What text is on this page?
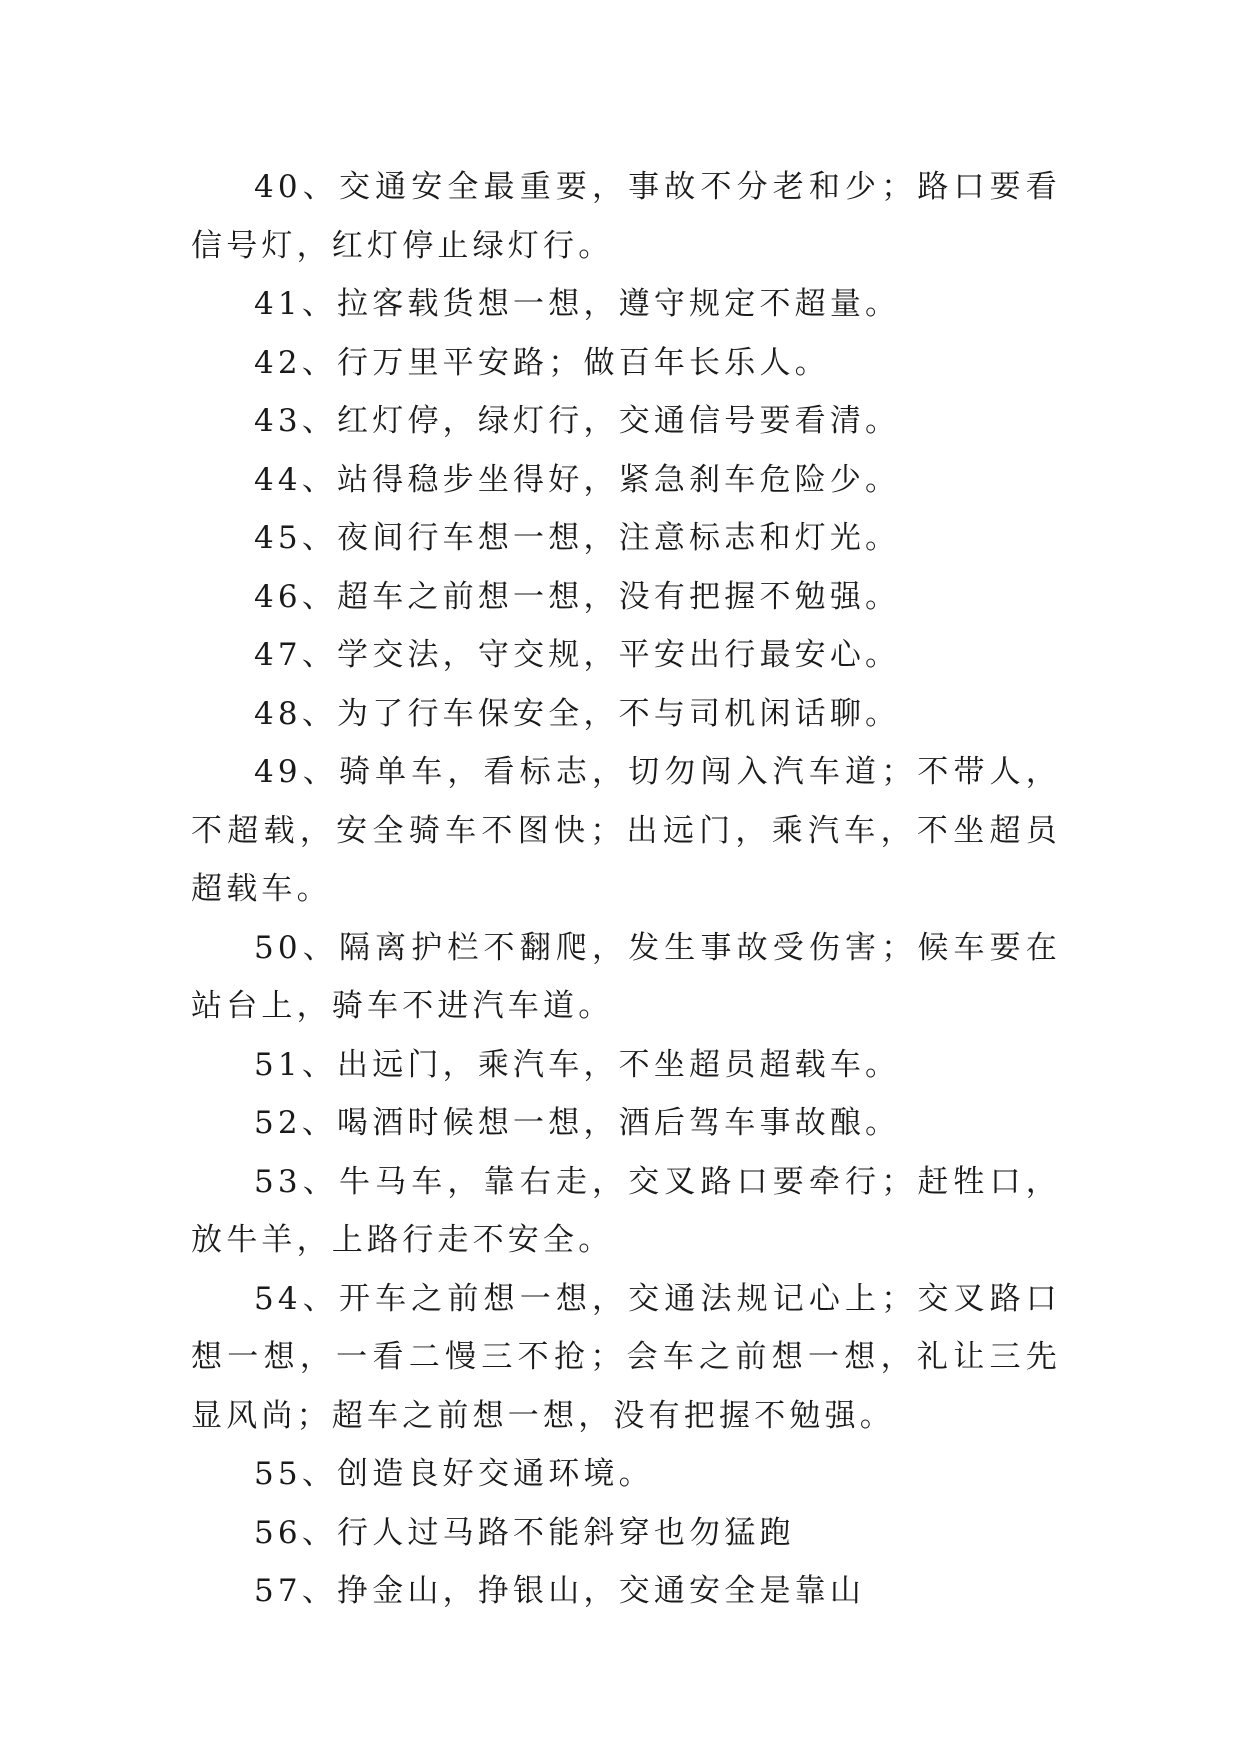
40、交通安全最重要，事故不分老和少；路口要看信号灯，红灯停止绿灯行。

41、拉客载货想一想，遵守规定不超量。

42、行万里平安路；做百年长乐人。

43、红灯停，绿灯行，交通信号要看清。

44、站得稳步坐得好，紧急刹车危险少。

45、夜间行车想一想，注意标志和灯光。

46、超车之前想一想，没有把握不勉强。

47、学交法，守交规，平安出行最安心。

48、为了行车保安全，不与司机闲话聊。

49、骑单车，看标志，切勿闯入汽车道；不带人，不超载，安全骑车不图快；出远门，乘汽车，不坐超员超载车。

50、隔离护栏不翻爬，发生事故受伤害；候车要在站台上，骑车不进汽车道。

51、出远门，乘汽车，不坐超员超载车。

52、喝酒时候想一想，酒后驾车事故酿。

53、牛马车，靠右走，交叉路口要牵行；赶牲口，放牛羊，上路行走不安全。

54、开车之前想一想，交通法规记心上；交叉路口想一想，一看二慢三不抢；会车之前想一想，礼让三先显风尚；超车之前想一想，没有把握不勉强。

55、创造良好交通环境。

56、行人过马路不能斜穿也勿猛跑

57、挣金山，挣银山，交通安全是靠山
